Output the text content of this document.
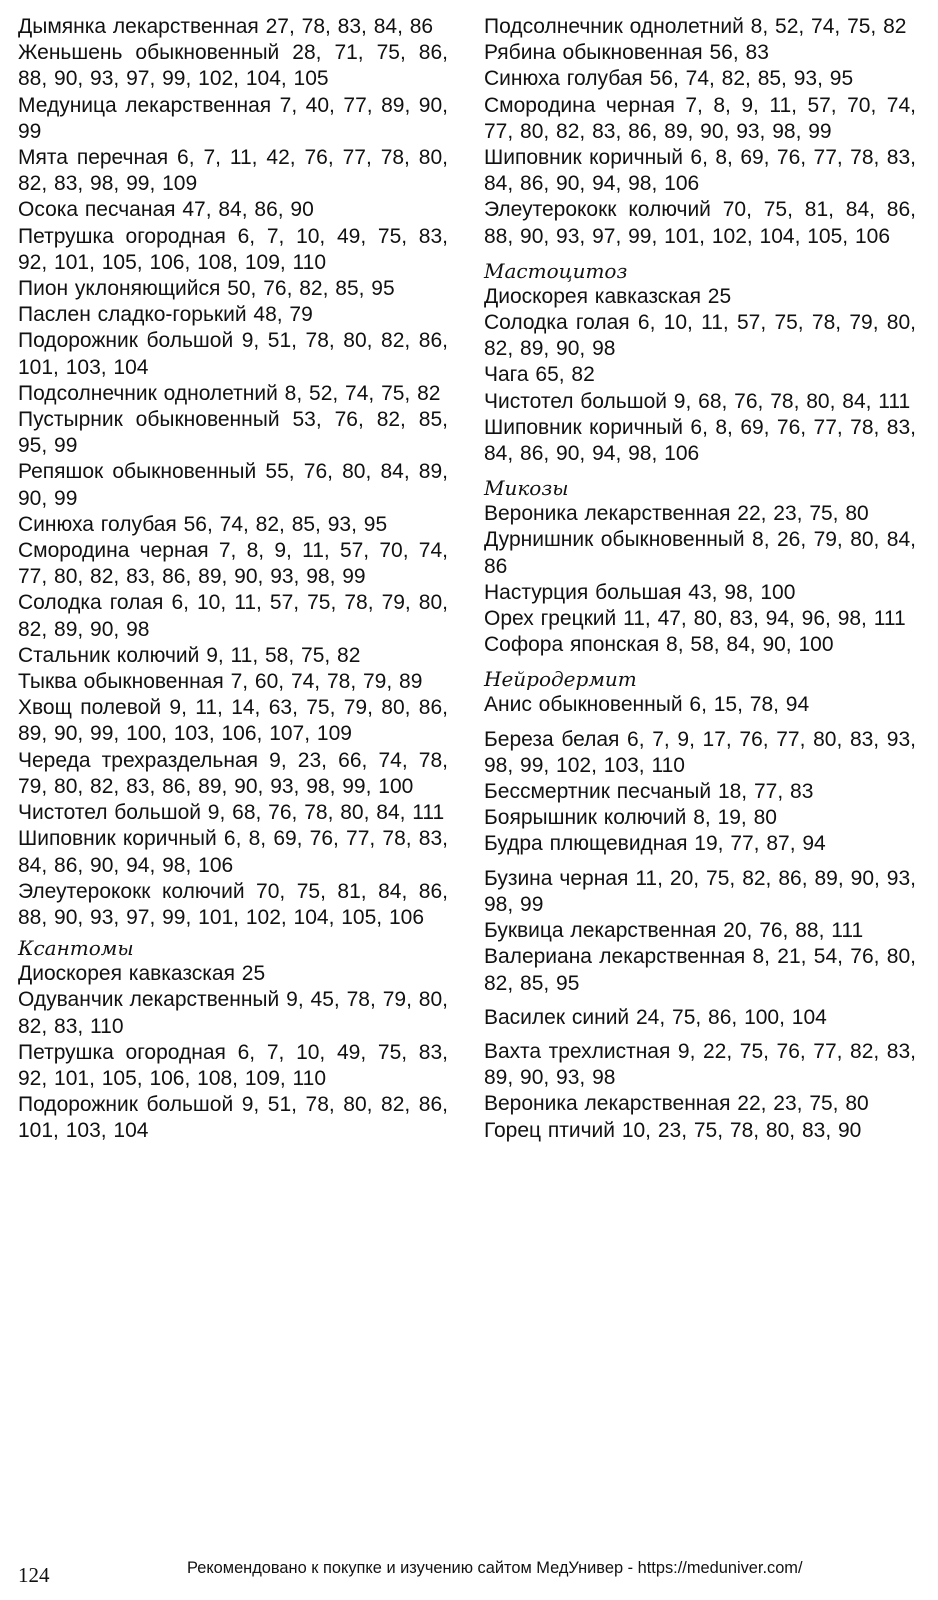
Дымянка лекарственная 27, 78, 83, 84, 86
Женьшень обыкновенный 28, 71, 75, 86, 88, 90, 93, 97, 99, 102, 104, 105
Медуница лекарственная 7, 40, 77, 89, 90, 99
Мята перечная 6, 7, 11, 42, 76, 77, 78, 80, 82, 83, 98, 99, 109
Осока песчаная 47, 84, 86, 90
Петрушка огородная 6, 7, 10, 49, 75, 83, 92, 101, 105, 106, 108, 109, 110
Пион уклоняющийся 50, 76, 82, 85, 95
Паслен сладко-горький 48, 79
Подорожник большой 9, 51, 78, 80, 82, 86, 101, 103, 104
Подсолнечник однолетний 8, 52, 74, 75, 82
Пустырник обыкновенный 53, 76, 82, 85, 95, 99
Репяшок обыкновенный 55, 76, 80, 84, 89, 90, 99
Синюха голубая 56, 74, 82, 85, 93, 95
Смородина черная 7, 8, 9, 11, 57, 70, 74, 77, 80, 82, 83, 86, 89, 90, 93, 98, 99
Солодка голая 6, 10, 11, 57, 75, 78, 79, 80, 82, 89, 90, 98
Стальник колючий 9, 11, 58, 75, 82
Тыква обыкновенная 7, 60, 74, 78, 79, 89
Хвощ полевой 9, 11, 14, 63, 75, 79, 80, 86, 89, 90, 99, 100, 103, 106, 107, 109
Череда трехраздельная 9, 23, 66, 74, 78, 79, 80, 82, 83, 86, 89, 90, 93, 98, 99, 100
Чистотел большой 9, 68, 76, 78, 80, 84, 111
Шиповник коричный 6, 8, 69, 76, 77, 78, 83, 84, 86, 90, 94, 98, 106
Элеутерококк колючий 70, 75, 81, 84, 86, 88, 90, 93, 97, 99, 101, 102, 104, 105, 106
Ксантомы
Диоскорея кавказская 25
Одуванчик лекарственный 9, 45, 78, 79, 80, 82, 83, 110
Петрушка огородная 6, 7, 10, 49, 75, 83, 92, 101, 105, 106, 108, 109, 110
Подорожник большой 9, 51, 78, 80, 82, 86, 101, 103, 104
Подсолнечник однолетний 8, 52, 74, 75, 82
Рябина обыкновенная 56, 83
Синюха голубая 56, 74, 82, 85, 93, 95
Смородина черная 7, 8, 9, 11, 57, 70, 74, 77, 80, 82, 83, 86, 89, 90, 93, 98, 99
Шиповник коричный 6, 8, 69, 76, 77, 78, 83, 84, 86, 90, 94, 98, 106
Элеутерококк колючий 70, 75, 81, 84, 86, 88, 90, 93, 97, 99, 101, 102, 104, 105, 106
Мастоцитоз
Диоскорея кавказская 25
Солодка голая 6, 10, 11, 57, 75, 78, 79, 80, 82, 89, 90, 98
Чага 65, 82
Чистотел большой 9, 68, 76, 78, 80, 84, 111
Шиповник коричный 6, 8, 69, 76, 77, 78, 83, 84, 86, 90, 94, 98, 106
Микозы
Вероника лекарственная 22, 23, 75, 80
Дурнишник обыкновенный 8, 26, 79, 80, 84, 86
Настурция большая 43, 98, 100
Орех грецкий 11, 47, 80, 83, 94, 96, 98, 111
Софора японская 8, 58, 84, 90, 100
Нейродермит
Анис обыкновенный 6, 15, 78, 94
Береза белая 6, 7, 9, 17, 76, 77, 80, 83, 93, 98, 99, 102, 103, 110
Бессмертник песчаный 18, 77, 83
Боярышник колючий 8, 19, 80
Будра плющевидная 19, 77, 87, 94
Бузина черная 11, 20, 75, 82, 86, 89, 90, 93, 98, 99
Буквица лекарственная 20, 76, 88, 111
Валериана лекарственная 8, 21, 54, 76, 80, 82, 85, 95
Василек синий 24, 75, 86, 100, 104
Вахта трехлистная 9, 22, 75, 76, 77, 82, 83, 89, 90, 93, 98
Вероника лекарственная 22, 23, 75, 80
Горец птичий 10, 23, 75, 78, 80, 83, 90
124	Рекомендовано к покупке и изучению сайтом МедУнивер - https://meduniver.com/
